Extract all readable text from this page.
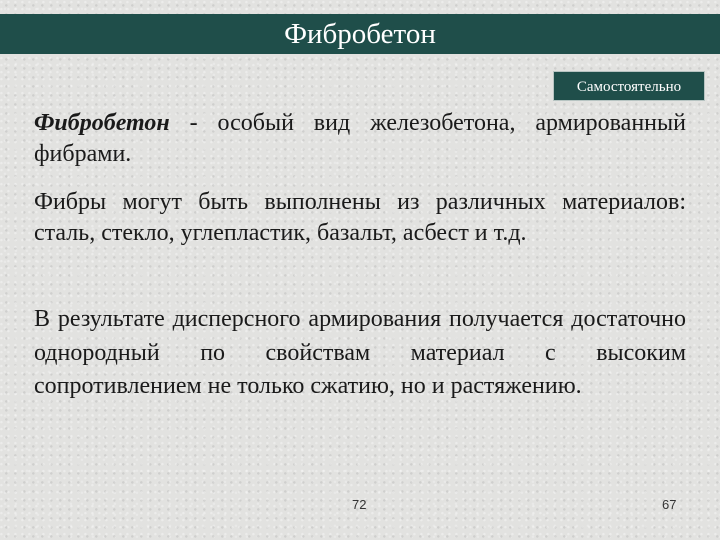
Фибробетон
Самостоятельно

Фибробетон - особый вид железобетона, армированный фибрами.

Фибры могут быть выполнены из различных материалов: сталь, стекло, углепластик, базальт, асбест и т.д.

В результате дисперсного армирования получается достаточно однородный по свойствам материал с высоким сопротивлением не только сжатию, но и растяжению.

72	67
